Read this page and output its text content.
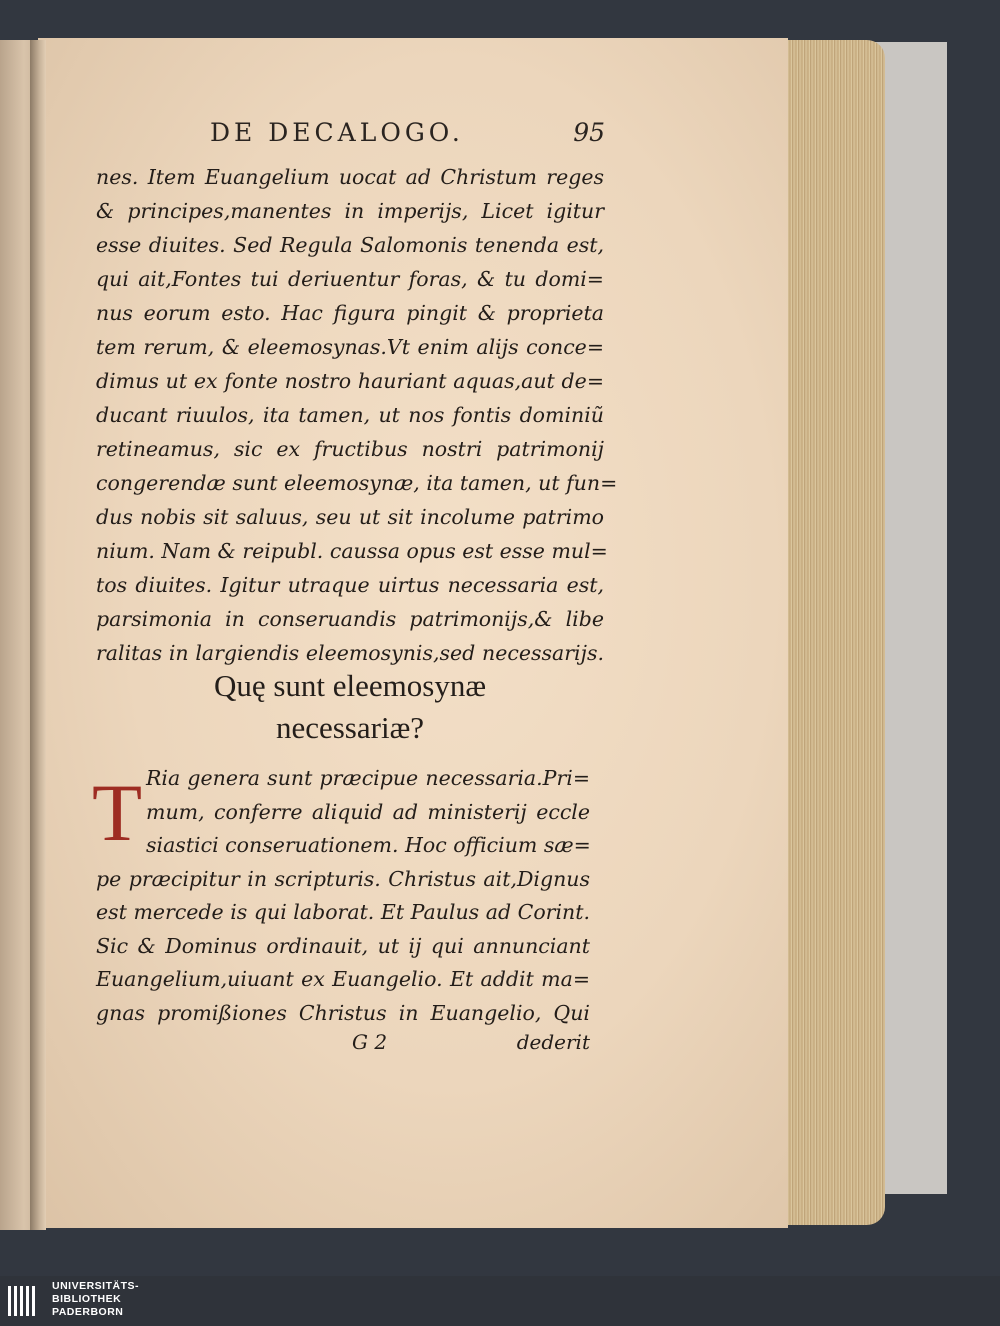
DE DECALOGO.	95
nes. Item Euangelium uocat ad Christum reges
& principes,manentes in imperijs, Licet igitur
esse diuites. Sed Regula Salomonis tenenda est,
qui ait,Fontes tui deriuentur foras, & tu domi=
nus eorum esto. Hac figura pingit & proprieta
tem rerum, & eleemosynas.Vt enim alijs conce=
dimus ut ex fonte nostro hauriant aquas,aut de=
ducant riuulos, ita tamen, ut nos fontis dominiũ
retineamus, sic ex fructibus nostri patrimonij
congerendæ sunt eleemosynæ, ita tamen, ut fun=
dus nobis sit saluus, seu ut sit incolume patrimo
nium. Nam & reipubl. caussa opus est esse mul=
tos diuites. Igitur utraque uirtus necessaria est,
parsimonia in conseruandis patrimonijs,& libe
ralitas in largiendis eleemosynis,sed necessarijs.
Quę sunt eleemosynæ
necessariæ?
T Ria genera sunt præcipue necessaria.Pri=
mum, conferre aliquid ad ministerij eccle
siastici conseruationem. Hoc officium sæ=
pe præcipitur in scripturis. Christus ait,Dignus
est mercede is qui laborat. Et Paulus ad Corint.
Sic & Dominus ordinauit, ut ij qui annunciant
Euangelium,uiuant ex Euangelio. Et addit ma=
gnas promißiones Christus in Euangelio, Qui
G 2	dederit
UNIVERSITÄTS-
BIBLIOTHEK
PADERBORN
